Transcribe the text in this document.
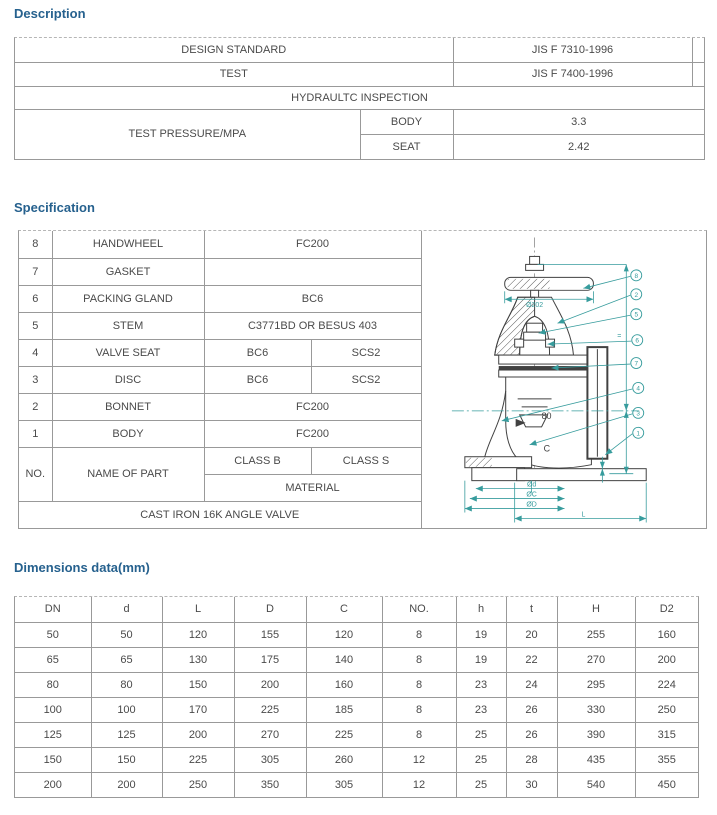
Description
DESIGN STANDARD		JIS F 7310-1996	
TEST		JIS F 7400-1996	
HYDRAULTC INSPECTION			
TEST PRESSURE/MPA	BODY	3.3	
	SEAT	2.42	
Specification
8	HANDWHEEL	FC200	
80
C
Ø202
=
Ød
ØC
ØD
L
8
2
5
6
7
4
3
1

7	GASKET			
6	PACKING GLAND	BC6		
5	STEM	C3771BD OR BESUS 403		
4	VALVE SEAT	BC6	SCS2	
3	DISC	BC6	SCS2	
2	BONNET	FC200		
1	BODY	FC200		
NO.	NAME OF PART	CLASS B	CLASS S	
		MATERIAL		
CAST IRON 16K ANGLE VALVE				
Dimensions data(mm)
DN	d	L	D	C	NO.	h	t	H	D2
50	50	120	155	120	8	19	20	255	160
65	65	130	175	140	8	19	22	270	200
80	80	150	200	160	8	23	24	295	224
100	100	170	225	185	8	23	26	330	250
125	125	200	270	225	8	25	26	390	315
150	150	225	305	260	12	25	28	435	355
200	200	250	350	305	12	25	30	540	450
